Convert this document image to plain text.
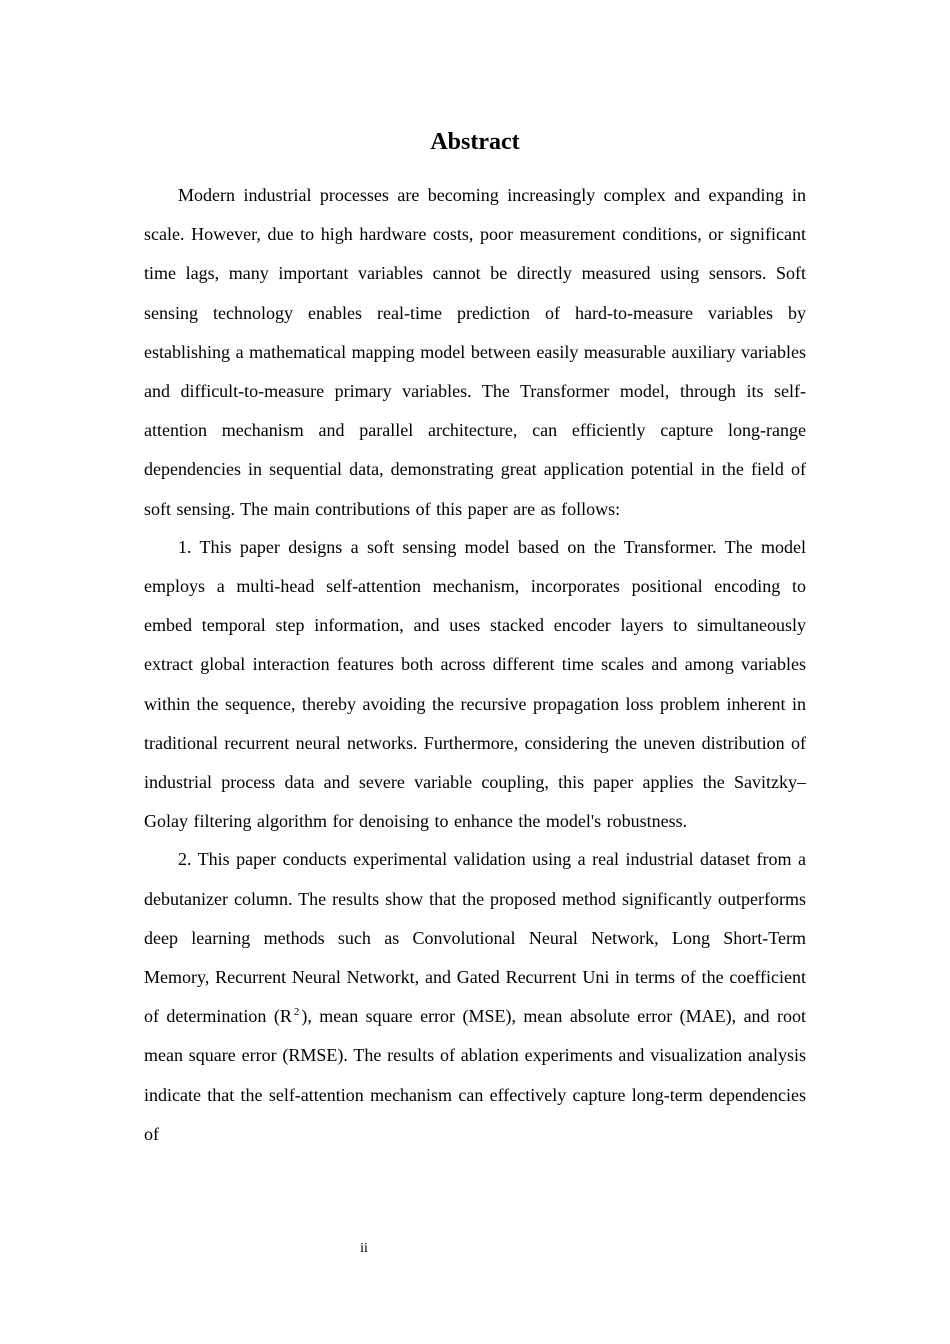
Abstract

Modern industrial processes are becoming increasingly complex and expanding in scale. However, due to high hardware costs, poor measurement conditions, or significant time lags, many important variables cannot be directly measured using sensors. Soft sensing technology enables real-time prediction of hard-to-measure variables by establishing a mathematical mapping model between easily measurable auxiliary variables and difficult-to-measure primary variables. The Transformer model, through its self-attention mechanism and parallel architecture, can efficiently capture long-range dependencies in sequential data, demonstrating great application potential in the field of soft sensing. The main contributions of this paper are as follows:

1. This paper designs a soft sensing model based on the Transformer. The model employs a multi-head self-attention mechanism, incorporates positional encoding to embed temporal step information, and uses stacked encoder layers to simultaneously extract global interaction features both across different time scales and among variables within the sequence, thereby avoiding the recursive propagation loss problem inherent in traditional recurrent neural networks. Furthermore, considering the uneven distribution of industrial process data and severe variable coupling, this paper applies the Savitzky–Golay filtering algorithm for denoising to enhance the model's robustness.

2. This paper conducts experimental validation using a real industrial dataset from a debutanizer column. The results show that the proposed method significantly outperforms deep learning methods such as Convolutional Neural Network, Long Short-Term Memory, Recurrent Neural Networkt, and Gated Recurrent Uni in terms of the coefficient of determination (R $^2$ ), mean square error (MSE), mean absolute error (MAE), and root mean square error (RMSE). The results of ablation experiments and visualization analysis indicate that the self-attention mechanism can effectively capture long-term dependencies of

ii
